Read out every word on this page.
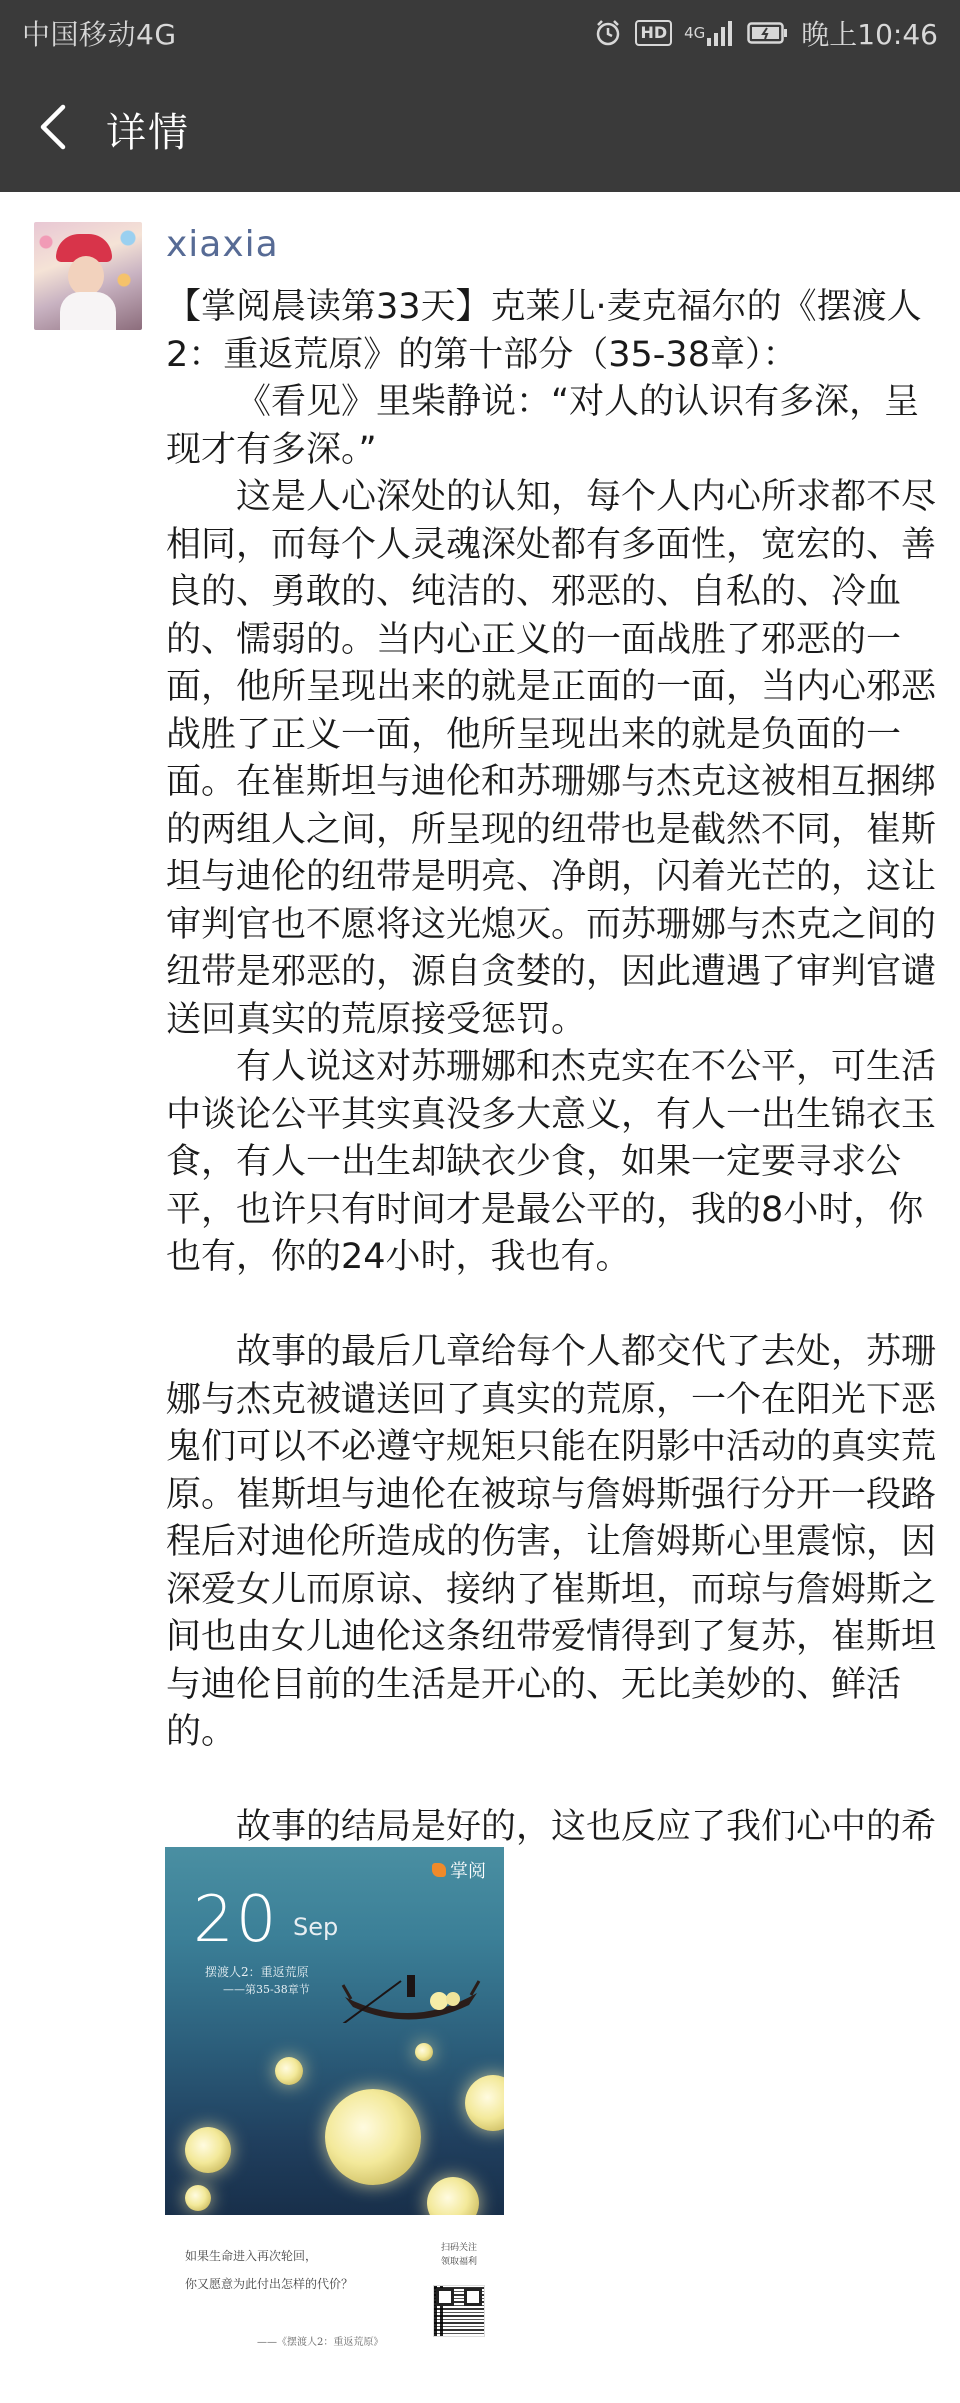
中国移动4G	HD	4G	晚上10:46
详情
xiaxia

【掌阅晨读第33天】克莱儿·麦克福尔的《摆渡人2：重返荒原》的第十部分（35-38章）：

《看见》里柴静说：“对人的认识有多深，呈现才有多深。”

这是人心深处的认知，每个人内心所求都不尽相同，而每个人灵魂深处都有多面性，宽宏的、善良的、勇敢的、纯洁的、邪恶的、自私的、冷血的、懦弱的。当内心正义的一面战胜了邪恶的一面，他所呈现出来的就是正面的一面，当内心邪恶战胜了正义一面，他所呈现出来的就是负面的一面。在崔斯坦与迪伦和苏珊娜与杰克这被相互捆绑的两组人之间，所呈现的纽带也是截然不同，崔斯坦与迪伦的纽带是明亮、净朗，闪着光芒的，这让审判官也不愿将这光熄灭。而苏珊娜与杰克之间的纽带是邪恶的，源自贪婪的，因此遭遇了审判官谴送回真实的荒原接受惩罚。

有人说这对苏珊娜和杰克实在不公平，可生活中谈论公平其实真没多大意义，有人一出生锦衣玉食，有人一出生却缺衣少食，如果一定要寻求公平，也许只有时间才是最公平的，我的8小时，你也有，你的24小时，我也有。

故事的最后几章给每个人都交代了去处，苏珊娜与杰克被谴送回了真实的荒原，一个在阳光下恶鬼们可以不必遵守规矩只能在阴影中活动的真实荒原。崔斯坦与迪伦在被琼与詹姆斯强行分开一段路程后对迪伦所造成的伤害，让詹姆斯心里震惊，因深爱女儿而原谅、接纳了崔斯坦，而琼与詹姆斯之间也由女儿迪伦这条纽带爱情得到了复苏，崔斯坦与迪伦目前的生活是开心的、无比美妙的、鲜活的。

故事的结局是好的，这也反应了我们心中的希

掌阅
20 Sep
摆渡人2：重返荒原
——第35-38章节
如果生命进入再次轮回，
你又愿意为此付出怎样的代价？
——《摆渡人2：重返荒原》
扫码关注
领取福利
